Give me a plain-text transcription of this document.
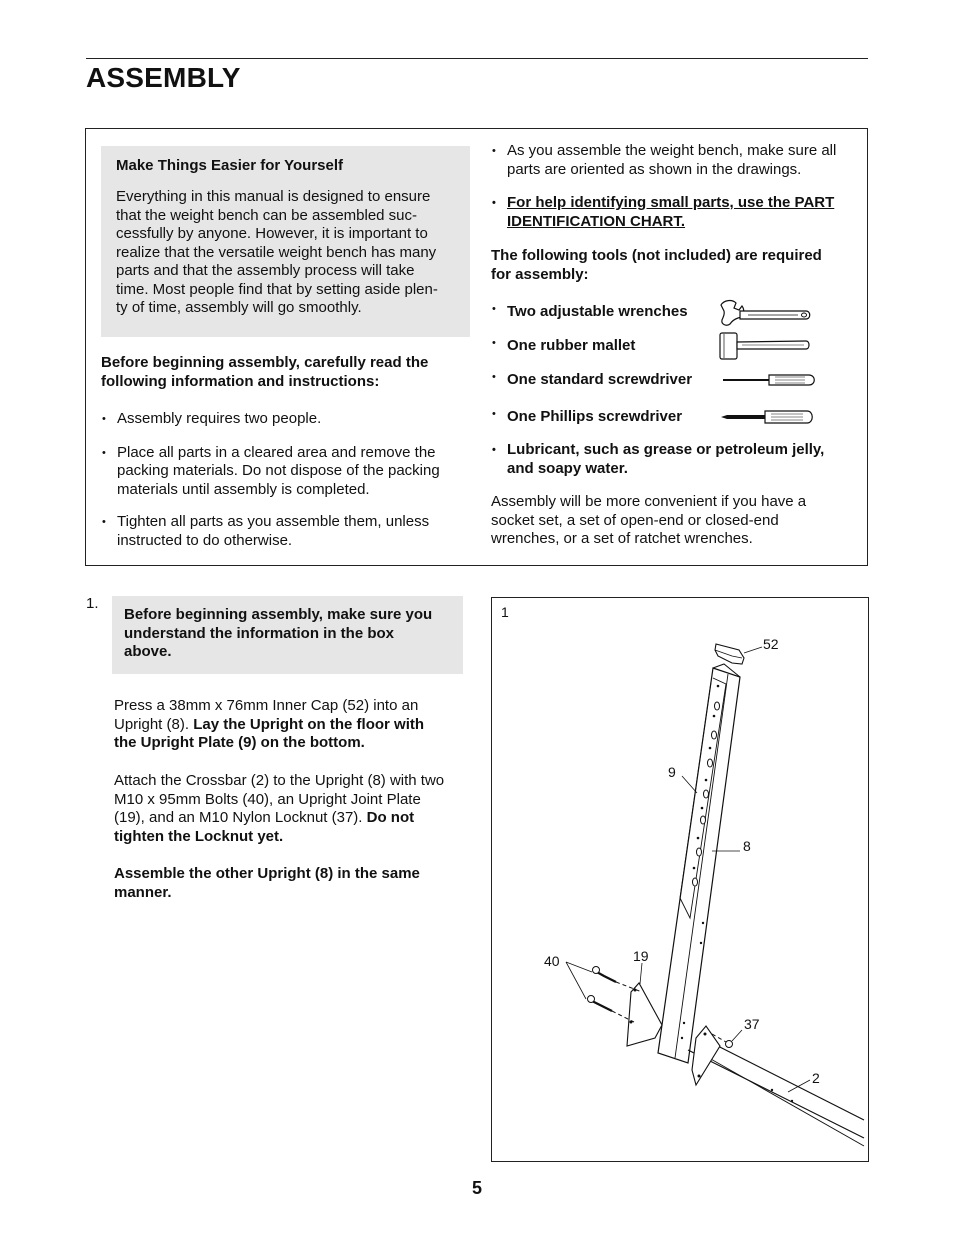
ASSEMBLY
Make Things Easier for Yourself
Everything in this manual is designed to ensure
that the weight bench can be assembled suc-
cessfully by anyone. However, it is important to
realize that the versatile weight bench has many
parts and that the assembly process will take
time. Most people find that by setting aside plen-
ty of time, assembly will go smoothly.
Before beginning assembly, carefully read the
following information and instructions:
• Assembly requires two people.
• Place all parts in a cleared area and remove the
packing materials. Do not dispose of the packing
materials until assembly is completed.
• Tighten all parts as you assemble them, unless
instructed to do otherwise.
• As you assemble the weight bench, make sure all
parts are oriented as shown in the drawings.
• For help identifying small parts, use the PART
IDENTIFICATION CHART.
The following tools (not included) are required
for assembly:
• Two adjustable wrenches
• One rubber mallet
• One standard screwdriver
• One Phillips screwdriver
• Lubricant, such as grease or petroleum jelly,
and soapy water.
Assembly will be more convenient if you have a
socket set, a set of open-end or closed-end
wrenches, or a set of ratchet wrenches.
1.
Before beginning assembly, make sure you
understand the information in the box
above.
Press a 38mm x 76mm Inner Cap (52) into an
Upright (8). Lay the Upright on the floor with
the Upright Plate (9) on the bottom.
Attach the Crossbar (2) to the Upright (8) with two
M10 x 95mm Bolts (40), an Upright Joint Plate
(19), and an M10 Nylon Locknut (37). Do not
tighten the Locknut yet.
Assemble the other Upright (8) in the same
manner.
1
52
9
8
40	19
37
2
5
